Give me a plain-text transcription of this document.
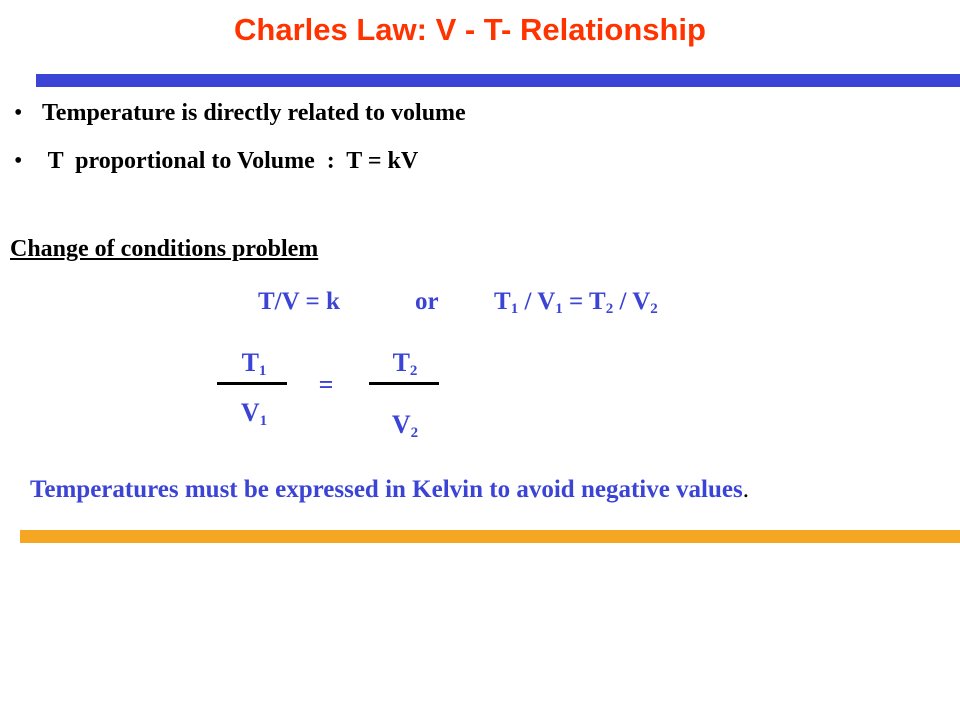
Charles Law: V - T- Relationship
• Temperature is directly related to volume
• T  proportional to Volume  :  T = kV
Change of conditions problem
T/V = k	or $T_1 / V_1 = T_2 / V_2$
$T_1$
$V_1$
=
$T_2$
$V_2$
Temperatures must be expressed in Kelvin to avoid negative values.
